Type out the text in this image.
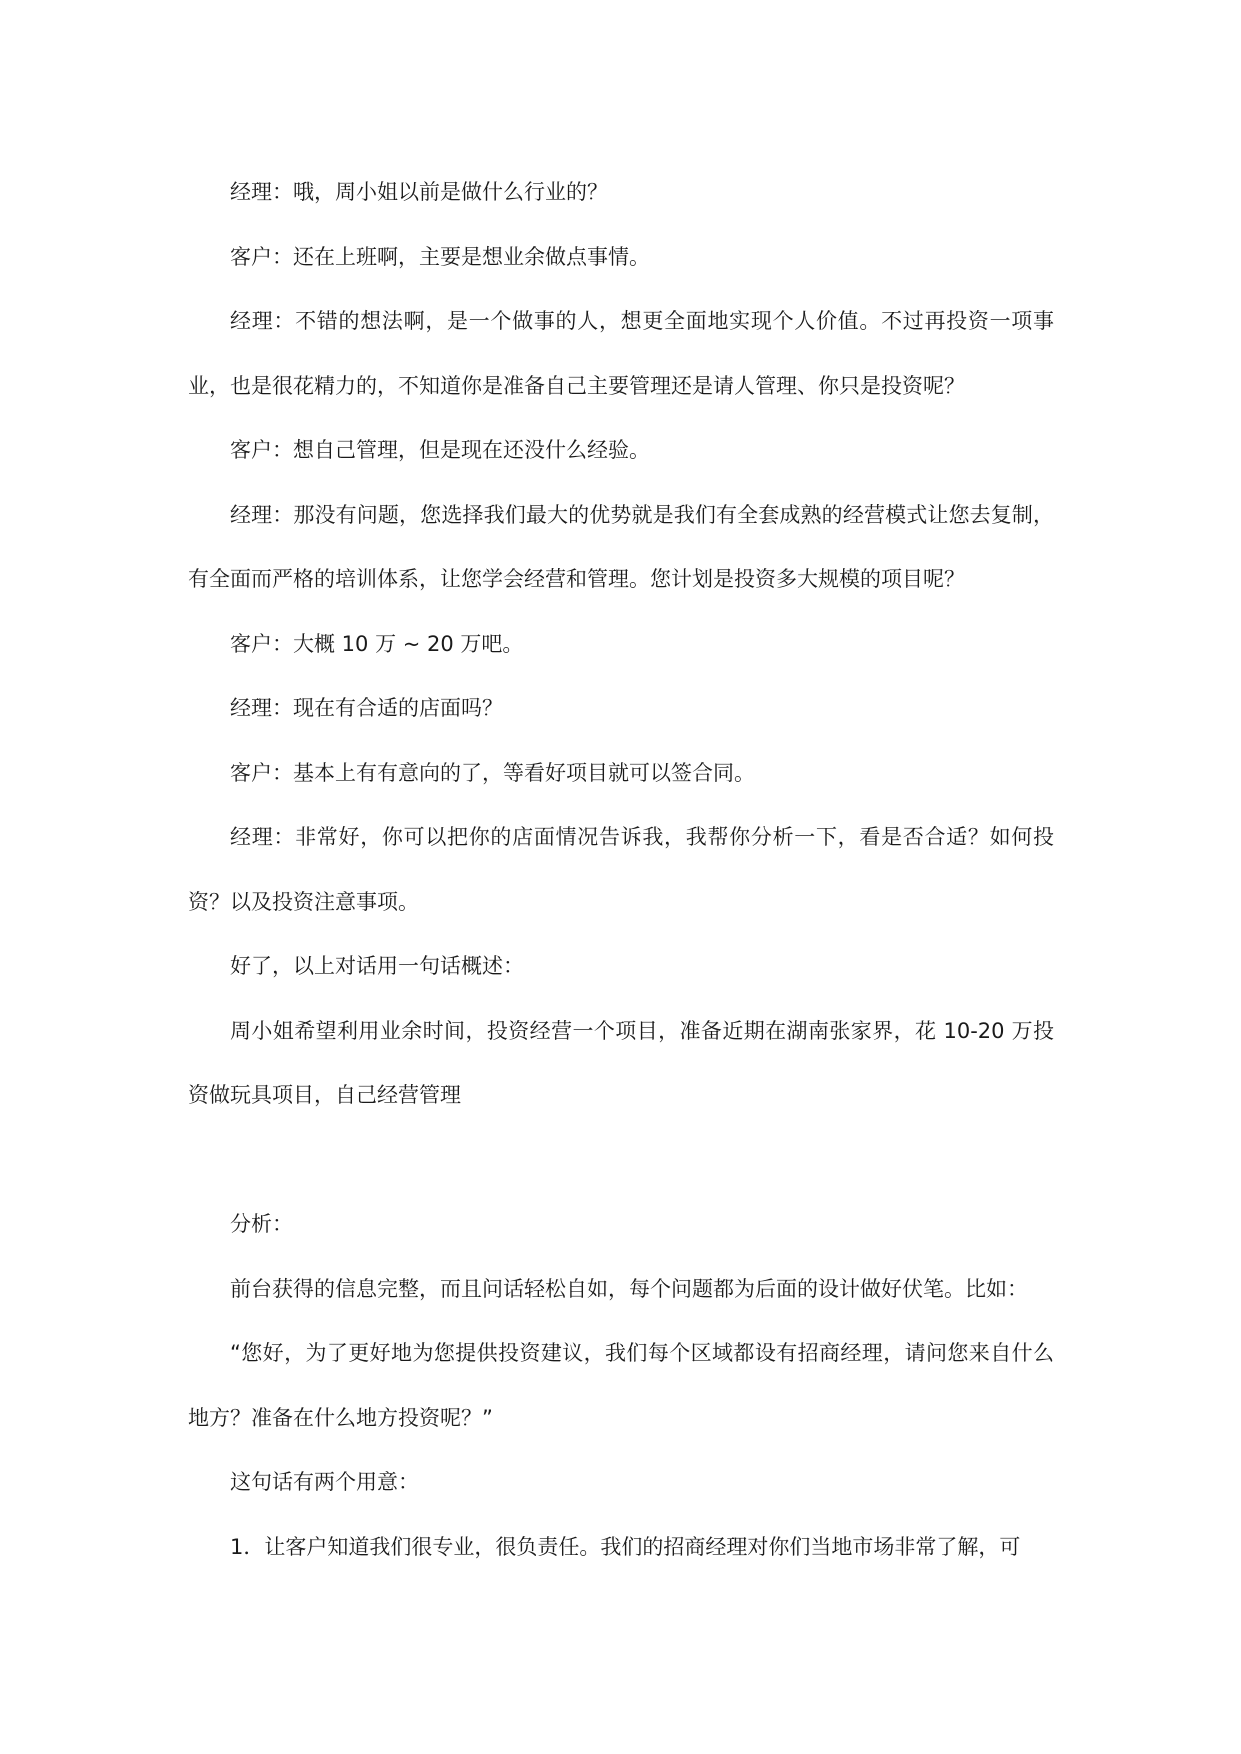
经理：哦，周小姐以前是做什么行业的？

客户：还在上班啊，主要是想业余做点事情。

经理：不错的想法啊，是一个做事的人，想更全面地实现个人价值。不过再投资一项事业，也是很花精力的，不知道你是准备自己主要管理还是请人管理、你只是投资呢？

客户：想自己管理，但是现在还没什么经验。

经理：那没有问题，您选择我们最大的优势就是我们有全套成熟的经营模式让您去复制，有全面而严格的培训体系，让您学会经营和管理。您计划是投资多大规模的项目呢？

客户：大概 10 万 ~ 20 万吧。

经理：现在有合适的店面吗？

客户：基本上有有意向的了，等看好项目就可以签合同。

经理：非常好，你可以把你的店面情况告诉我，我帮你分析一下，看是否合适？如何投资？以及投资注意事项。

好了，以上对话用一句话概述：

周小姐希望利用业余时间，投资经营一个项目，准备近期在湖南张家界，花 10-20 万投资做玩具项目，自己经营管理

分析：

前台获得的信息完整，而且问话轻松自如，每个问题都为后面的设计做好伏笔。比如：

“您好，为了更好地为您提供投资建议，我们每个区域都设有招商经理，请问您来自什么地方？准备在什么地方投资呢？”

这句话有两个用意：

1．让客户知道我们很专业，很负责任。我们的招商经理对你们当地市场非常了解，可
